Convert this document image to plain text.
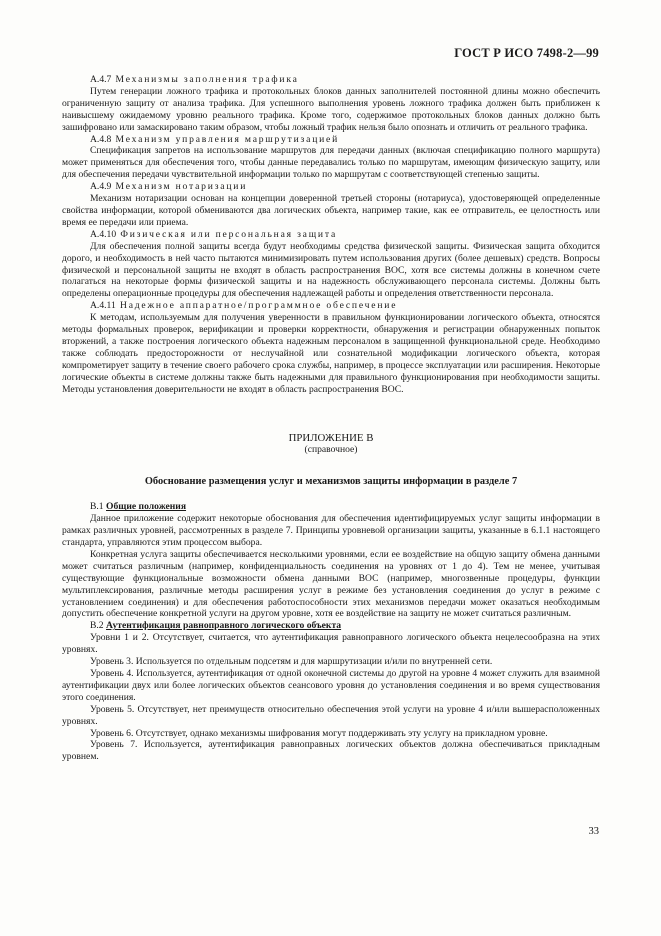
ГОСТ Р ИСО 7498-2—99

A.4.7 Механизмы заполнения трафика

Путем генерации ложного трафика и протокольных блоков данных заполнителей постоянной длины можно обеспечить ограниченную защиту от анализа трафика. Для успешного выполнения уровень ложного трафика должен быть приближен к наивысшему ожидаемому уровню реального трафика. Кроме того, содержимое протокольных блоков данных должно быть зашифровано или замаскировано таким образом, чтобы ложный трафик нельзя было опознать и отличить от реального трафика.

A.4.8 Механизм управления маршрутизацией

Спецификация запретов на использование маршрутов для передачи данных (включая спецификацию полного маршрута) может применяться для обеспечения того, чтобы данные передавались только по маршрутам, имеющим физическую защиту, или для обеспечения передачи чувствительной информации только по маршрутам с соответствующей степенью защиты.

A.4.9 Механизм нотаризации

Механизм нотаризации основан на концепции доверенной третьей стороны (нотариуса), удостоверяющей определенные свойства информации, которой обмениваются два логических объекта, например такие, как ее отправитель, ее целостность или время ее передачи или приема.

A.4.10 Физическая или персональная защита

Для обеспечения полной защиты всегда будут необходимы средства физической защиты. Физическая защита обходится дорого, и необходимость в ней часто пытаются минимизировать путем использования других (более дешевых) средств. Вопросы физической и персональной защиты не входят в область распространения ВОС, хотя все системы должны в конечном счете полагаться на некоторые формы физической защиты и на надежность обслуживающего персонала системы. Должны быть определены операционные процедуры для обеспечения надлежащей работы и определения ответственности персонала.

A.4.11 Надежное аппаратное/программное обеспечение

К методам, используемым для получения уверенности в правильном функционировании логического объекта, относятся методы формальных проверок, верификации и проверки корректности, обнаружения и регистрации обнаруженных попыток вторжений, а также построения логического объекта надежным персоналом в защищенной функциональной среде. Необходимо также соблюдать предосторожности от неслучайной или сознательной модификации логического объекта, которая компрометирует защиту в течение своего рабочего срока службы, например, в процессе эксплуатации или расширения. Некоторые логические объекты в системе должны также быть надежными для правильного функционирования при необходимости защиты. Методы установления доверительности не входят в область распространения ВОС.

ПРИЛОЖЕНИЕ В

(справочное)

Обоснование размещения услуг и механизмов защиты информации в разделе 7

B.1 Общие положения

Данное приложение содержит некоторые обоснования для обеспечения идентифицируемых услуг защиты информации в рамках различных уровней, рассмотренных в разделе 7. Принципы уровневой организации защиты, указанные в 6.1.1 настоящего стандарта, управляются этим процессом выбора.

Конкретная услуга защиты обеспечивается несколькими уровнями, если ее воздействие на общую защиту обмена данными может считаться различным (например, конфиденциальность соединения на уровнях от 1 до 4). Тем не менее, учитывая существующие функциональные возможности обмена данными ВОС (например, многозвенные процедуры, функции мультиплексирования, различные методы расширения услуг в режиме без установления соединения до услуг в режиме с установлением соединения) и для обеспечения работоспособности этих механизмов передачи может оказаться необходимым допустить обеспечение конкретной услуги на другом уровне, хотя ее воздействие на защиту не может считаться различным.

B.2 Аутентификация равноправного логического объекта

Уровни 1 и 2. Отсутствует, считается, что аутентификация равноправного логического объекта нецелесообразна на этих уровнях.

Уровень 3. Используется по отдельным подсетям и для маршрутизации и/или по внутренней сети.

Уровень 4. Используется, аутентификация от одной оконечной системы до другой на уровне 4 может служить для взаимной аутентификации двух или более логических объектов сеансового уровня до установления соединения и во время существования этого соединения.

Уровень 5. Отсутствует, нет преимуществ относительно обеспечения этой услуги на уровне 4 и/или вышерасположенных уровнях.

Уровень 6. Отсутствует, однако механизмы шифрования могут поддерживать эту услугу на прикладном уровне.

Уровень 7. Используется, аутентификация равноправных логических объектов должна обеспечиваться прикладным уровнем.

33
